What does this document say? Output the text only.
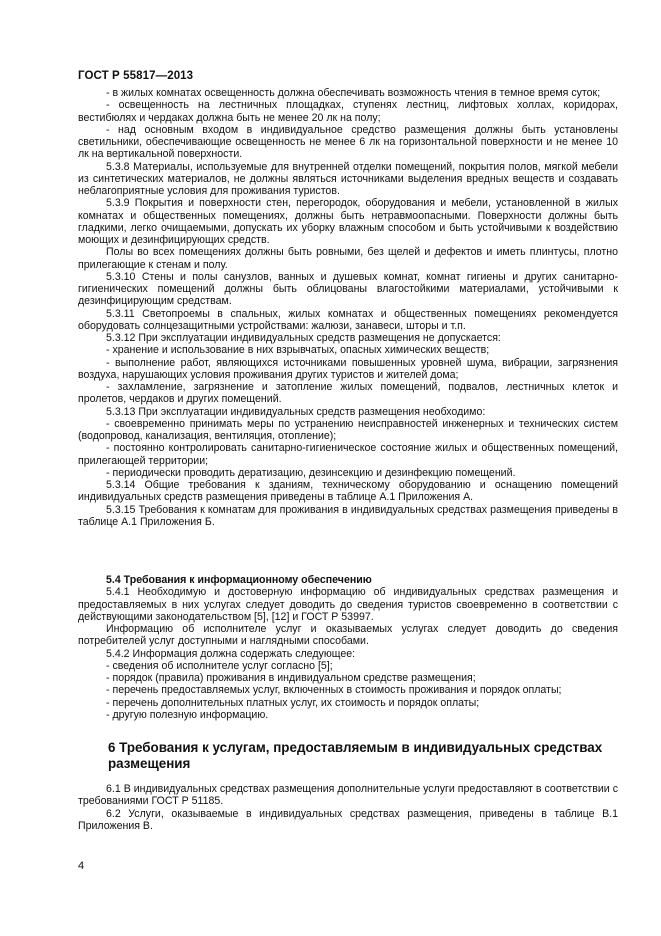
ГОСТ Р 55817—2013

- в жилых комнатах освещенность должна обеспечивать возможность чтения в темное время суток;

- освещенность на лестничных площадках, ступенях лестниц, лифтовых холлах, коридорах, вестибюлях и чердаках должна быть не менее 20 лк на полу;

- над основным входом в индивидуальное средство размещения должны быть установлены светильники, обеспечивающие освещенность не менее 6 лк на горизонтальной поверхности и не менее 10 лк на вертикальной поверхности.

5.3.8 Материалы, используемые для внутренней отделки помещений, покрытия полов, мягкой мебели из синтетических материалов, не должны являться источниками выделения вредных веществ и создавать неблагоприятные условия для проживания туристов.

5.3.9 Покрытия и поверхности стен, перегородок, оборудования и мебели, установленной в жилых комнатах и общественных помещениях, должны быть нетравмоопасными. Поверхности должны быть гладкими, легко очищаемыми, допускать их уборку влажным способом и быть устойчивыми к воздействию моющих и дезинфицирующих средств.

Полы во всех помещениях должны быть ровными, без щелей и дефектов и иметь плинтусы, плотно прилегающие к стенам и полу.

5.3.10 Стены и полы санузлов, ванных и душевых комнат, комнат гигиены и других санитарно-гигиенических помещений должны быть облицованы влагостойкими материалами, устойчивыми к дезинфицирующим средствам.

5.3.11 Светопроемы в спальных, жилых комнатах и общественных помещениях рекомендуется оборудовать солнцезащитными устройствами: жалюзи, занавеси, шторы и т.п.

5.3.12 При эксплуатации индивидуальных средств размещения не допускается:

- хранение и использование в них взрывчатых, опасных химических веществ;

- выполнение работ, являющихся источниками повышенных уровней шума, вибрации, загрязнения воздуха, нарушающих условия проживания других туристов и жителей дома;

- захламление, загрязнение и затопление жилых помещений, подвалов, лестничных клеток и пролетов, чердаков и других помещений.

5.3.13 При эксплуатации индивидуальных средств размещения необходимо:

- своевременно принимать меры по устранению неисправностей инженерных и технических систем (водопровод, канализация, вентиляция, отопление);

- постоянно контролировать санитарно-гигиеническое состояние жилых и общественных помещений, прилегающей территории;

- периодически проводить дератизацию, дезинсекцию и дезинфекцию помещений.

5.3.14 Общие требования к зданиям, техническому оборудованию и оснащению помещений индивидуальных средств размещения приведены в таблице А.1 Приложения А.

5.3.15 Требования к комнатам для проживания в индивидуальных средствах размещения приведены в таблице А.1 Приложения Б.

5.4 Требования к информационному обеспечению

5.4.1 Необходимую и достоверную информацию об индивидуальных средствах размещения и предоставляемых в них услугах следует доводить до сведения туристов своевременно в соответствии с действующими законодательством [5], [12] и ГОСТ Р 53997.

Информацию об исполнителе услуг и оказываемых услугах следует доводить до сведения потребителей услуг доступными и наглядными способами.

5.4.2 Информация должна содержать следующее:

- сведения об исполнителе услуг согласно [5];

- порядок (правила) проживания в индивидуальном средстве размещения;

- перечень предоставляемых услуг, включенных в стоимость проживания и порядок оплаты;

- перечень дополнительных платных услуг, их стоимость и порядок оплаты;

- другую полезную информацию.

6 Требования к услугам, предоставляемым в индивидуальных средствах размещения

6.1 В индивидуальных средствах размещения дополнительные услуги предоставляют в соответствии с требованиями ГОСТ Р 51185.

6.2 Услуги, оказываемые в индивидуальных средствах размещения, приведены в таблице В.1 Приложения В.

4
